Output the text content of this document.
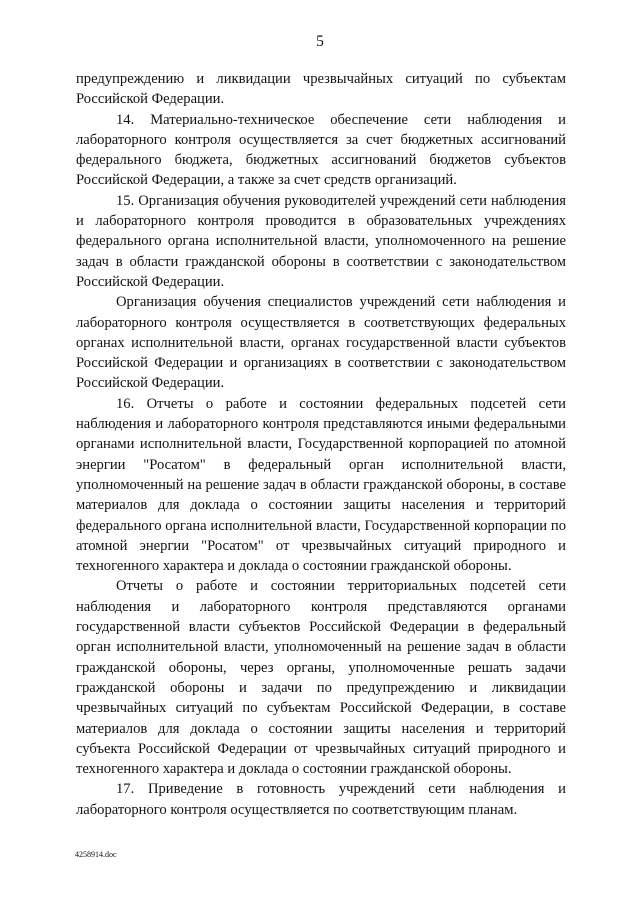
5

предупреждению и ликвидации чрезвычайных ситуаций по субъектам Российской Федерации.

14. Материально-техническое обеспечение сети наблюдения и лабораторного контроля осуществляется за счет бюджетных ассигнований федерального бюджета, бюджетных ассигнований бюджетов субъектов Российской Федерации, а также за счет средств организаций.

15. Организация обучения руководителей учреждений сети наблюдения и лабораторного контроля проводится в образовательных учреждениях федерального органа исполнительной власти, уполномоченного на решение задач в области гражданской обороны в соответствии с законодательством Российской Федерации.

Организация обучения специалистов учреждений сети наблюдения и лабораторного контроля осуществляется в соответствующих федеральных органах исполнительной власти, органах государственной власти субъектов Российской Федерации и организациях в соответствии с законодательством Российской Федерации.

16. Отчеты о работе и состоянии федеральных подсетей сети наблюдения и лабораторного контроля представляются иными федеральными органами исполнительной власти, Государственной корпорацией по атомной энергии "Росатом" в федеральный орган исполнительной власти, уполномоченный на решение задач в области гражданской обороны, в составе материалов для доклада о состоянии защиты населения и территорий федерального органа исполнительной власти, Государственной корпорации по атомной энергии "Росатом" от чрезвычайных ситуаций природного и техногенного характера и доклада о состоянии гражданской обороны.

Отчеты о работе и состоянии территориальных подсетей сети наблюдения и лабораторного контроля представляются органами государственной власти субъектов Российской Федерации в федеральный орган исполнительной власти, уполномоченный на решение задач в области гражданской обороны, через органы, уполномоченные решать задачи гражданской обороны и задачи по предупреждению и ликвидации чрезвычайных ситуаций по субъектам Российской Федерации, в составе материалов для доклада о состоянии защиты населения и территорий субъекта Российской Федерации от чрезвычайных ситуаций природного и техногенного характера и доклада о состоянии гражданской обороны.

17. Приведение в готовность учреждений сети наблюдения и лабораторного контроля осуществляется по соответствующим планам.

4258914.doc
